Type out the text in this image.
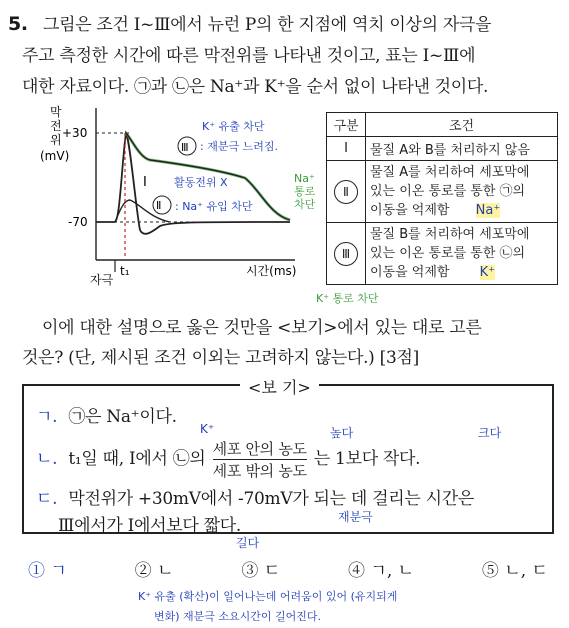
5. 그림은 조건 Ⅰ~Ⅲ에서 뉴런 P의 한 지점에 역치 이상의 자극을
주고 측정한 시간에 따른 막전위를 나타낸 것이고, 표는 Ⅰ~Ⅲ에
대한 자료이다. ㉠과 ㉡은 Na⁺과 K⁺을 순서 없이 나타낸 것이다.
막
전
위
(mV)
+30
-70
자극
t₁	시간(ms)
Ⅰ
Ⅲ
Ⅱ
K⁺ 유출 차단
: 재분극 느려짐.
활동전위 X
: Na⁺ 유입 차단
구분	조건
Ⅰ	물질 A와 B를 처리하지 않음
Ⅱ	물질 A를 처리하여 세포막에
있는 이온 통로를 통한 ㉠의
이동을 억제함 Na⁺

Ⅲ	물질 B를 처리하여 세포막에
있는 이온 통로를 통한 ㉡의
이동을 억제함 K⁺
Na⁺ 통로 차단
K⁺ 통로 차단
이에 대한 설명으로 옳은 것만을 <보기>에서 있는 대로 고른
것은? (단, 제시된 조건 이외는 고려하지 않는다.) [3점]
<보 기>
ㄱ. ㉠은 Na⁺이다.
ㄴ. t₁일 때, Ⅰ에서 ㉡의 세포 안의 농도
세포 밖의 농도
는 1보다 작다.
ㄷ. 막전위가 +30mV에서 -70mV가 되는 데 걸리는 시간은
Ⅲ에서가 Ⅰ에서보다 짧다.
K⁺	높다	크다
재분극
길다
① ㄱ	② ㄴ	③ ㄷ	④ ㄱ, ㄴ	⑤ ㄴ, ㄷ
K⁺ 유출 (확산)이 일어나는데 어려움이 있어 (유지되게
변화) 재분극 소요시간이 길어진다.
